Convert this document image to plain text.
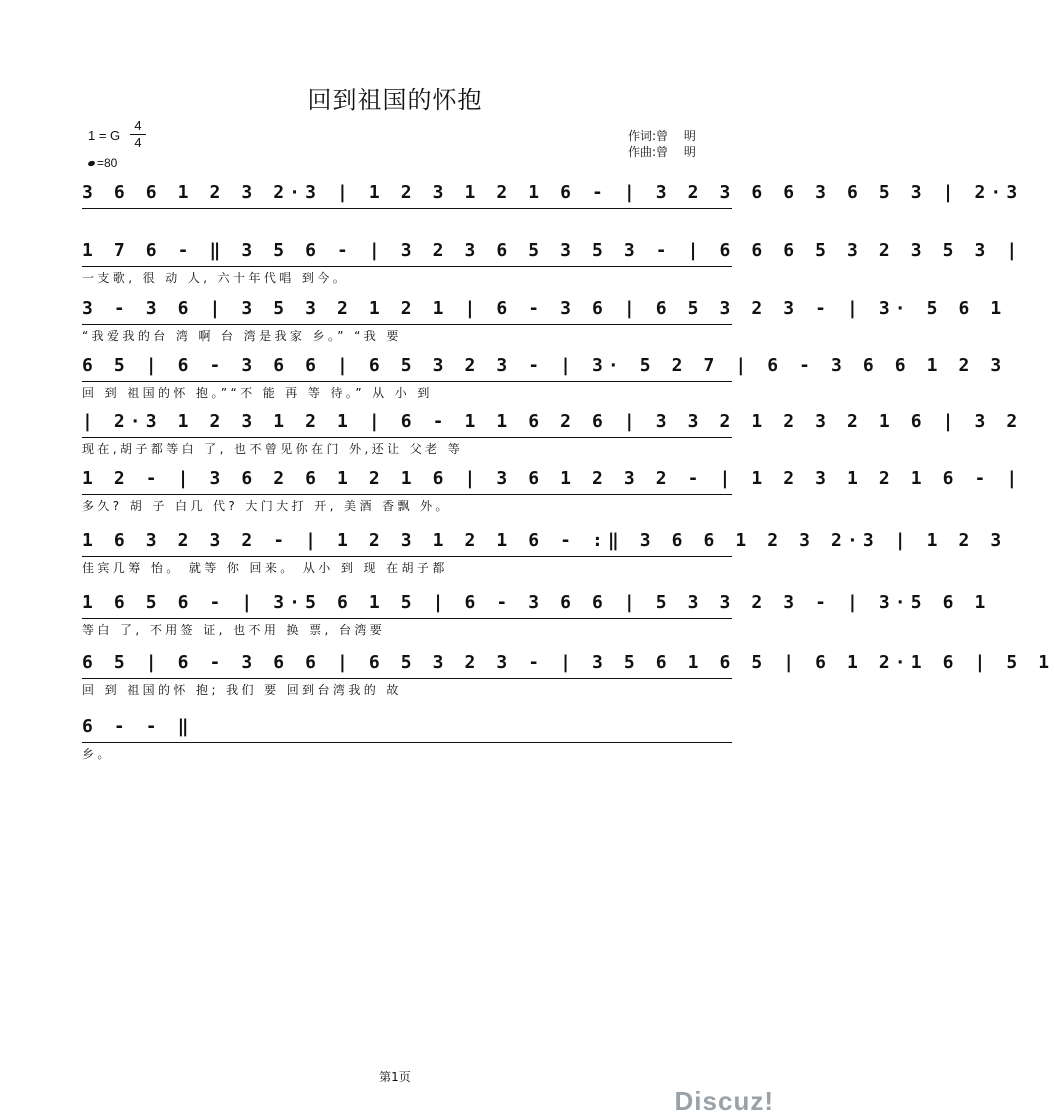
回到祖国的怀抱
1 = G
4
4
=80
作词:曾 明
作曲:曾 明
3 6 6 1 2 3 2·3 | 1 2 3 1 2 1 6 - | 3 2 3 6 6 3 6 5 3 | 2·3
1 7 6 - ‖ 3 5 6 - | 3 2 3 6 5 3 5 3 - | 6 6 6 5 3 2 3 5 3 |
一支歌, 很 动 人, 六十年代唱 到今。
3 - 3 6 | 3 5 3 2 1 2 1 | 6 - 3 6 | 6 5 3 2 3 - | 3· 5 6 1
“我爱我的台 湾 啊 台 湾是我家 乡。” “我 要
6 5 | 6 - 3 6 6 | 6 5 3 2 3 - | 3· 5 2 7 | 6 - 3 6 6 1 2 3
回 到 祖国的怀 抱。”“不 能 再 等 待。” 从 小 到
| 2·3 1 2 3 1 2 1 | 6 - 1 1 6 2 6 | 3 3 2 1 2 3 2 1 6 | 3 2
现在,胡子都等白 了, 也不曾见你在门 外,还让 父老 等
1 2 - | 3 6 2 6 1 2 1 6 | 3 6 1 2 3 2 - | 1 2 3 1 2 1 6 - |
多久? 胡 子 白几 代? 大门大打 开, 美酒 香飘 外。
1 6 3 2 3 2 - | 1 2 3 1 2 1 6 - :‖ 3 6 6 1 2 3 2·3 | 1 2 3
佳宾几筹 怡。 就等 你 回来。 从小 到 现 在胡子都
1 6 5 6 - | 3·5 6 1 5 | 6 - 3 6 6 | 5 3 3 2 3 - | 3·5 6 1
等白 了, 不用签 证, 也不用 换 票, 台湾要
6 5 | 6 - 3 6 6 | 6 5 3 2 3 - | 3 5 6 1 6 5 | 6 1 2·1 6 | 5 1
回 到 祖国的怀 抱; 我们 要 回到台湾我的 故
6 - - ‖
乡。
第1页
Discuz!
